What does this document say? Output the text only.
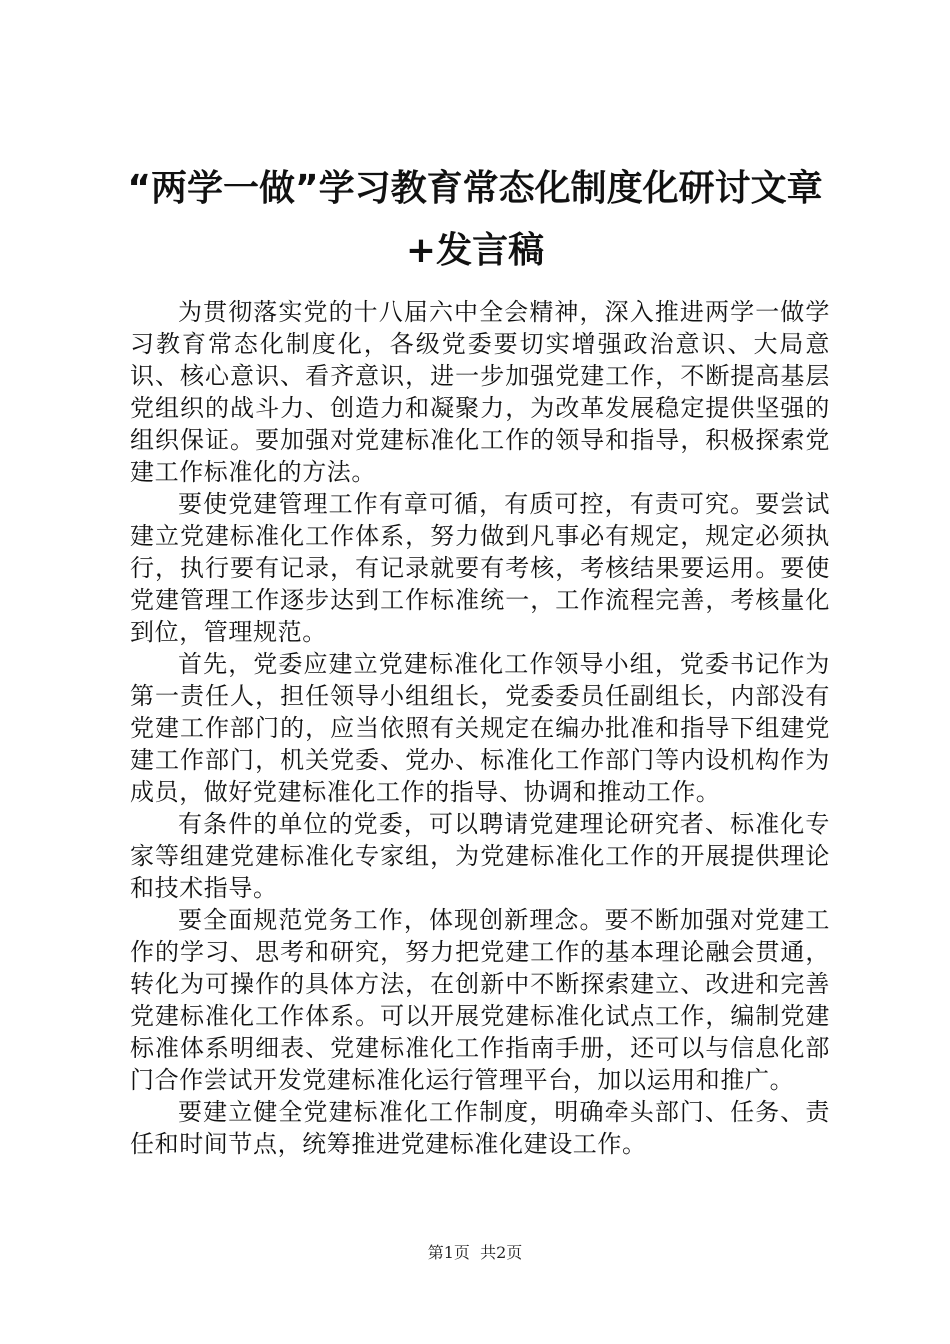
“两学一做”学习教育常态化制度化研讨文章+发言稿

为贯彻落实党的十八届六中全会精神，深入推进两学一做学习教育常态化制度化，各级党委要切实增强政治意识、大局意识、核心意识、看齐意识，进一步加强党建工作，不断提高基层党组织的战斗力、创造力和凝聚力，为改革发展稳定提供坚强的组织保证。要加强对党建标准化工作的领导和指导，积极探索党建工作标准化的方法。

要使党建管理工作有章可循，有质可控，有责可究。要尝试建立党建标准化工作体系，努力做到凡事必有规定，规定必须执行，执行要有记录，有记录就要有考核，考核结果要运用。要使党建管理工作逐步达到工作标准统一，工作流程完善，考核量化到位，管理规范。

首先，党委应建立党建标准化工作领导小组，党委书记作为第一责任人，担任领导小组组长，党委委员任副组长，内部没有党建工作部门的，应当依照有关规定在编办批准和指导下组建党建工作部门，机关党委、党办、标准化工作部门等内设机构作为成员，做好党建标准化工作的指导、协调和推动工作。

有条件的单位的党委，可以聘请党建理论研究者、标准化专家等组建党建标准化专家组，为党建标准化工作的开展提供理论和技术指导。

要全面规范党务工作，体现创新理念。要不断加强对党建工作的学习、思考和研究，努力把党建工作的基本理论融会贯通，转化为可操作的具体方法，在创新中不断探索建立、改进和完善党建标准化工作体系。可以开展党建标准化试点工作，编制党建标准体系明细表、党建标准化工作指南手册，还可以与信息化部门合作尝试开发党建标准化运行管理平台，加以运用和推广。

要建立健全党建标准化工作制度，明确牵头部门、任务、责任和时间节点，统筹推进党建标准化建设工作。

第1页  共2页
